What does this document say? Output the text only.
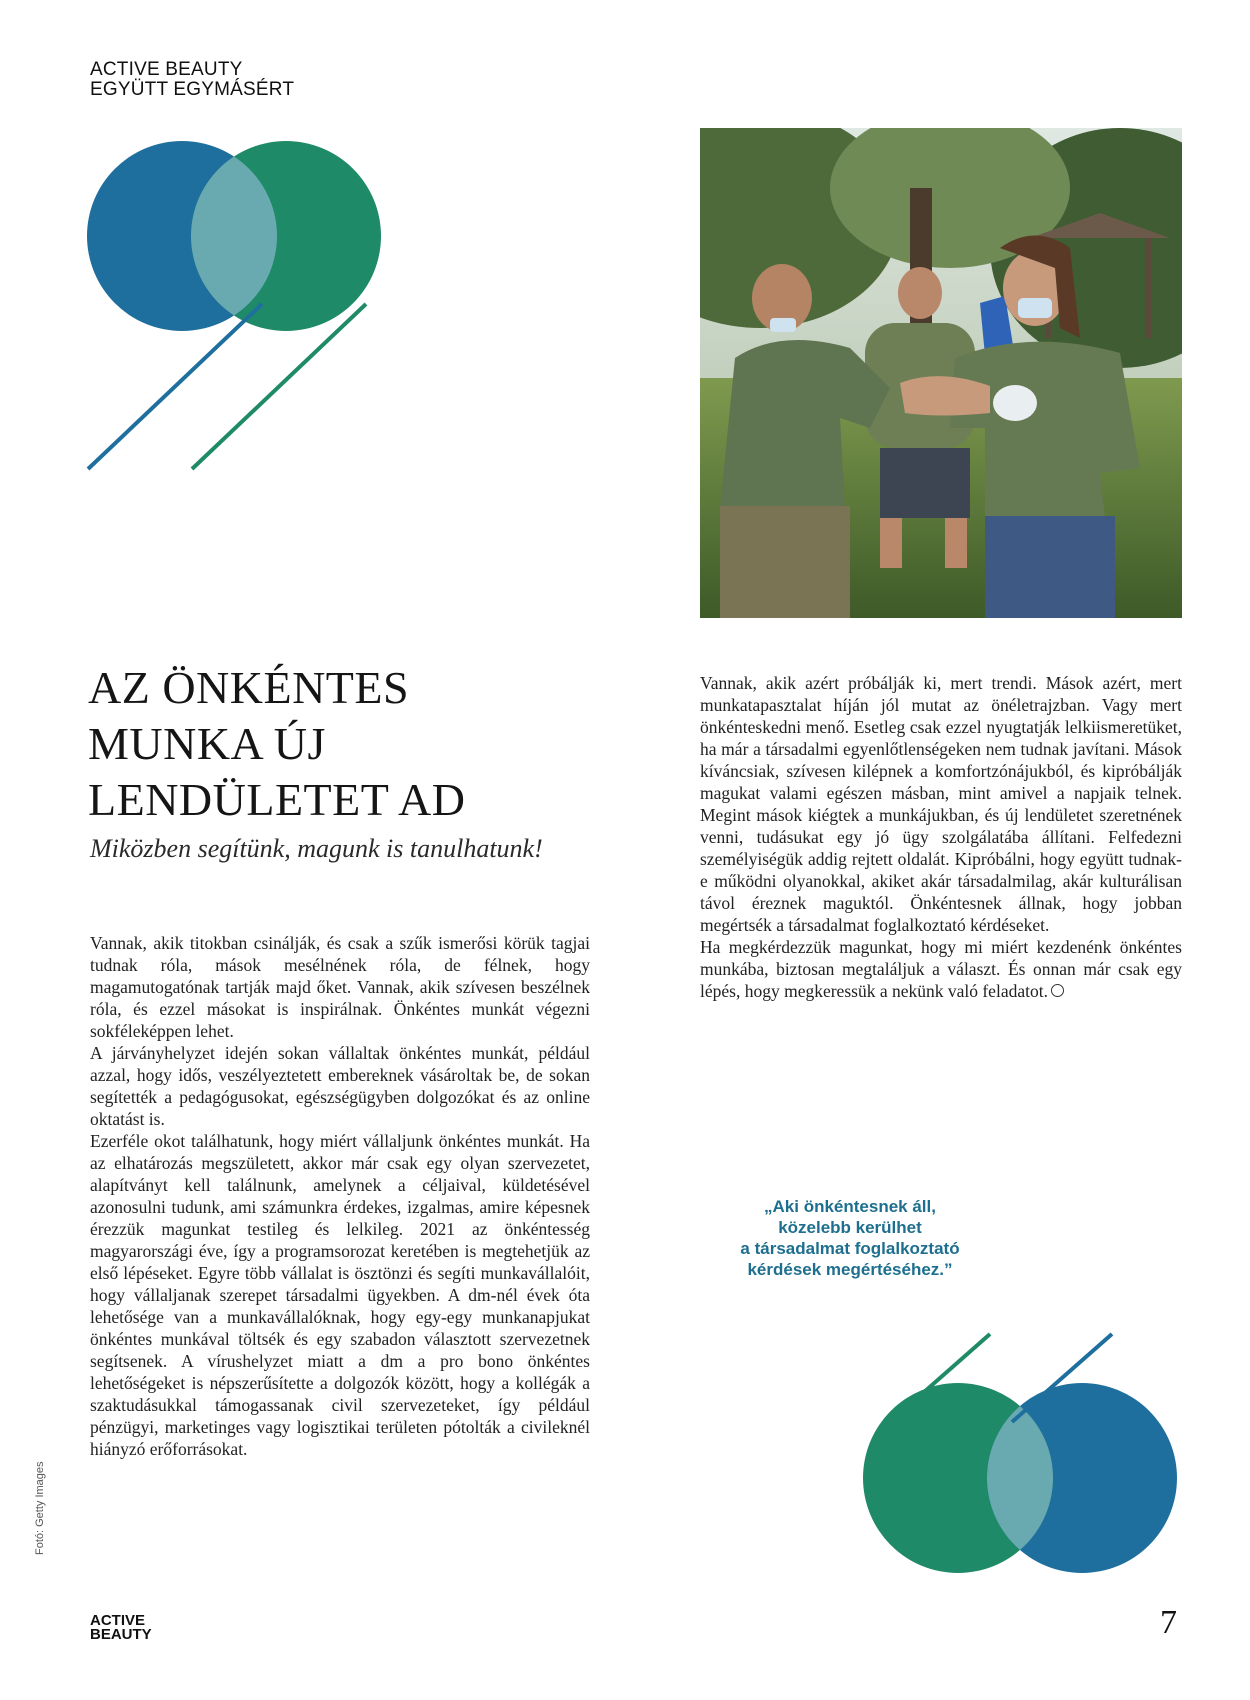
ACTIVE BEAUTY
EGYÜTT EGYMÁSÉRT
AZ ÖNKÉNTES
MUNKA ÚJ
LENDÜLETET AD
Miközben segítünk, magunk is tanulhatunk!

Vannak, akik titokban csinálják, és csak a szűk ismerősi körük tagjai tudnak róla, mások mesélnének róla, de félnek, hogy magamutogatónak tartják majd őket. Vannak, akik szívesen beszélnek róla, és ezzel másokat is inspirálnak. Önkéntes munkát végezni sokféleképpen lehet.

A járványhelyzet idején sokan vállaltak önkéntes munkát, például azzal, hogy idős, veszélyeztetett embereknek vásároltak be, de sokan segítették a pedagógusokat, egészségügyben dolgozókat és az online oktatást is.

Ezerféle okot találhatunk, hogy miért vállaljunk önkéntes munkát. Ha az elhatározás megszületett, akkor már csak egy olyan szervezetet, alapítványt kell találnunk, amelynek a céljaival, küldetésével azonosulni tudunk, ami számunkra érdekes, izgalmas, amire képesnek érezzük magunkat testileg és lelkileg. 2021 az önkéntesség magyarországi éve, így a programsorozat keretében is megtehetjük az első lépéseket. Egyre több vállalat is ösztönzi és segíti munkavállalóit, hogy vállaljanak szerepet társadalmi ügyekben. A dm-nél évek óta lehetősége van a munkavállalóknak, hogy egy-egy munkanapjukat önkéntes munkával töltsék és egy szabadon választott szervezetnek segítsenek. A vírushelyzet miatt a dm a pro bono önkéntes lehetőségeket is népszerűsítette a dolgozók között, hogy a kollégák a szaktudásukkal támogassanak civil szervezeteket, így például pénzügyi, marketinges vagy logisztikai területen pótolták a civileknél hiányzó erőforrásokat.

Vannak, akik azért próbálják ki, mert trendi. Mások azért, mert munkatapasztalat híján jól mutat az önéletrajzban. Vagy mert önkénteskedni menő. Esetleg csak ezzel nyugtatják lelkiismeretüket, ha már a társadalmi egyenlőtlenségeken nem tudnak javítani. Mások kíváncsiak, szívesen kilépnek a komfortzónájukból, és kipróbálják magukat valami egészen másban, mint amivel a napjaik telnek. Megint mások kiégtek a munkájukban, és új lendületet szeretnének venni, tudásukat egy jó ügy szolgálatába állítani. Felfedezni személyiségük addig rejtett oldalát. Kipróbálni, hogy együtt tudnak-e működni olyanokkal, akiket akár társadalmilag, akár kulturálisan távol éreznek maguktól. Önkéntesnek állnak, hogy jobban megértsék a társadalmat foglalkoztató kérdéseket.

Ha megkérdezzük magunkat, hogy mi miért kezdenénk önkéntes munkába, biztosan megtaláljuk a választ. És onnan már csak egy lépés, hogy megkeressük a nekünk való feladatot.

„Aki önkéntesnek áll,
közelebb kerülhet
a társadalmat foglalkoztató
kérdések megértéséhez.”
Fotó: Getty Images
ACTIVE
BEAUTY	7
